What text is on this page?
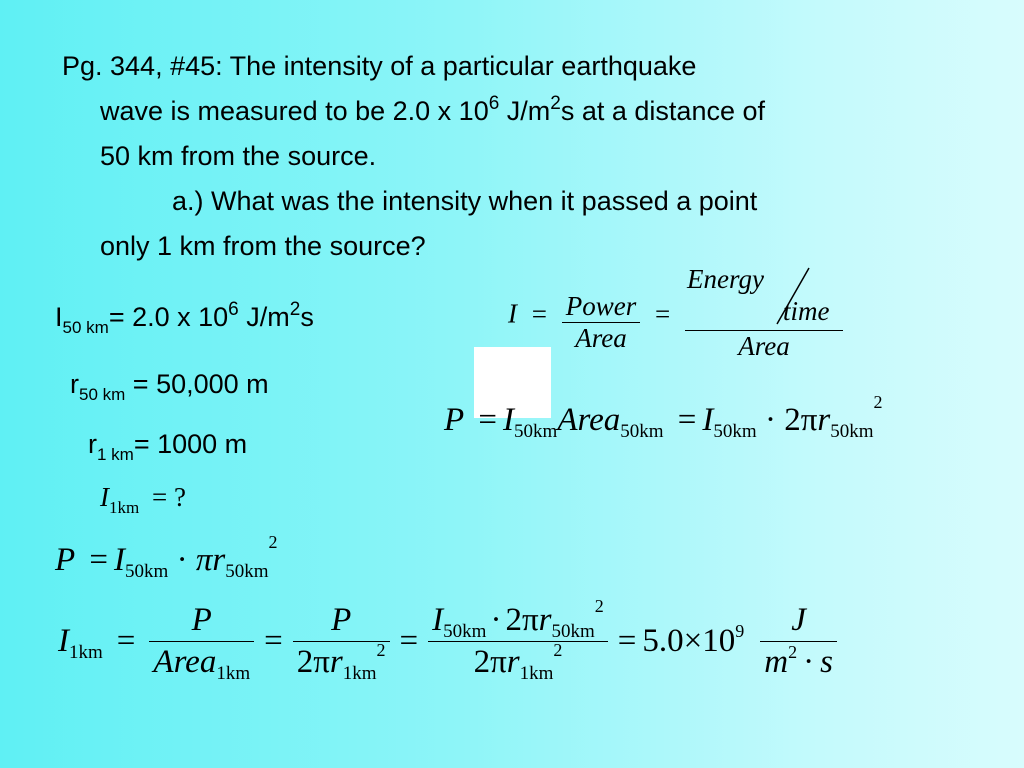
Pg. 344, #45: The intensity of a particular earthquake
wave is measured to be 2.0 x $10^6$ $J/m^2s$ at a distance of
50 km from the source.
a.) What was the intensity when it passed a point
only 1 km from the source?
$I_{50 km}= 2.0$ x $10^6$ $J/m^2s$
$r_{50 km} = 50,000$ m
$r_{1 km}= 1000$ m
$I = \frac{\text{Power}}{\text{Area}}$ = Energy
time
Area
$P = I_{50km}Area_{50km} = I_{50km} \cdot 2\pi r_{50km}^2$
$I_{1km}$ = ?
$P = I_{50km} \cdot \pi r_{50km}^2$
$I_{1km} = \frac{P}{Area_{1km}} = \frac{P}{2\pi r_{1km}^2} = \frac{I_{50km} \cdot 2\pi r_{50km}^2}{2\pi r_{1km}^2} = 5.0\times 10^9 \frac{J}{m^2 \cdot s}$
